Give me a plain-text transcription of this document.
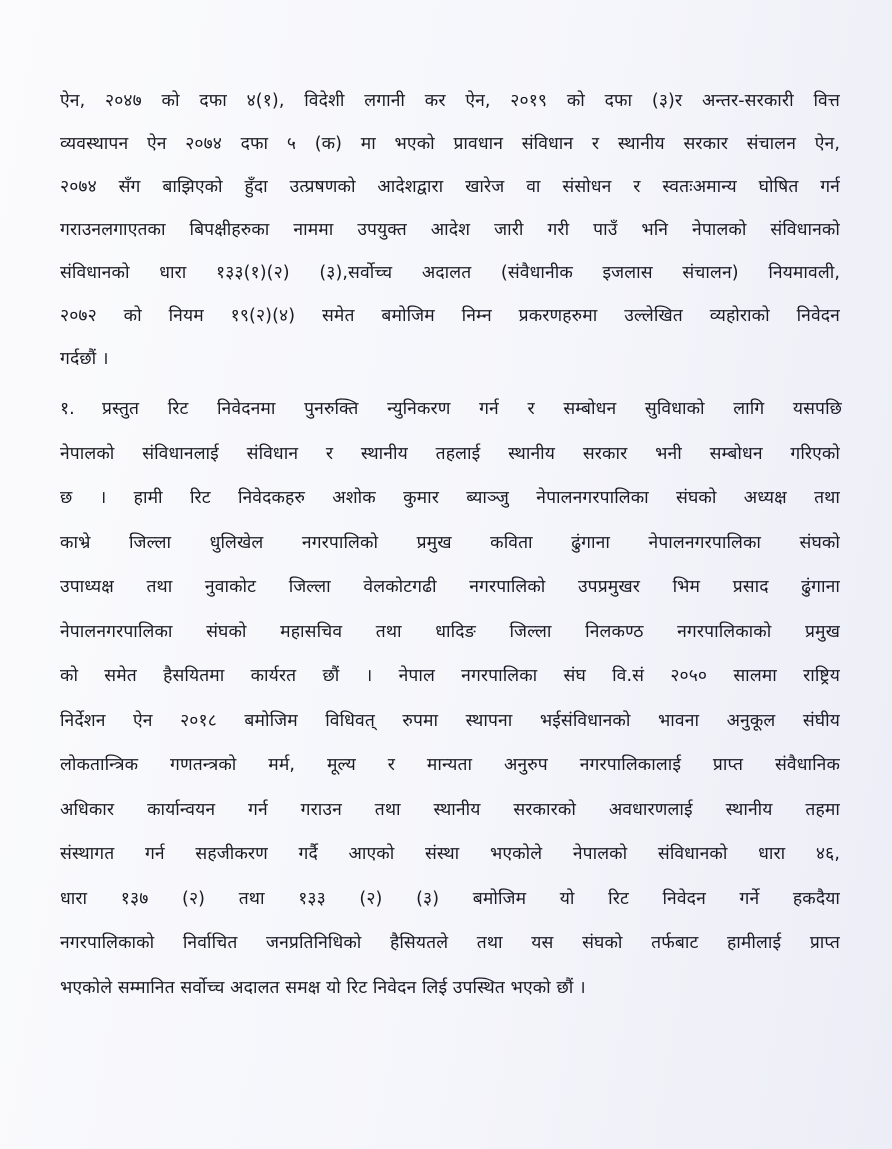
ऐन, २०४७ को दफा ४(१), विदेशी लगानी कर ऐन, २०१९ को दफा (३)र अन्तर-सरकारी वित्त
व्यवस्थापन ऐन २०७४ दफा ५ (क) मा भएको प्रावधान संविधान र स्थानीय सरकार संचालन ऐन,
२०७४ सँग बाझिएको हुँदा उत्प्रषणको आदेशद्वारा खारेज वा संसोधन र स्वतःअमान्य घोषित गर्न
गराउनलगाएतका बिपक्षीहरुका नाममा उपयुक्त आदेश जारी गरी पाउँ भनि नेपालको संविधानको
संविधानको धारा १३३(१)(२) (३),सर्वोच्च अदालत (संवैधानीक इजलास संचालन) नियमावली,
२०७२ को नियम १९(२)(४) समेत बमोजिम निम्न प्रकरणहरुमा उल्लेखित व्यहोराको निवेदन
गर्दछौं ।
१. प्रस्तुत रिट निवेदनमा पुनरुक्ति न्युनिकरण गर्न र सम्बोधन सुविधाको लागि यसपछि
नेपालको संविधानलाई संविधान र स्थानीय तहलाई स्थानीय सरकार भनी सम्बोधन गरिएको
छ । हामी रिट निवेदकहरु अशोक कुमार ब्याञ्जु नेपालनगरपालिका संघको अध्यक्ष तथा
काभ्रे जिल्ला धुलिखेल नगरपालिको प्रमुख कविता ढुंगाना नेपालनगरपालिका संघको
उपाध्यक्ष तथा नुवाकोट जिल्ला वेलकोटगढी नगरपालिको उपप्रमुखर भिम प्रसाद ढुंगाना
नेपालनगरपालिका संघको महासचिव तथा धादिङ जिल्ला निलकण्ठ नगरपालिकाको प्रमुख
को समेत हैसयितमा कार्यरत छौं । नेपाल नगरपालिका संघ वि.सं २०५० सालमा राष्ट्रिय
निर्देशन ऐन २०१८ बमोजिम विधिवत् रुपमा स्थापना भईसंविधानको भावना अनुकूल संघीय
लोकतान्त्रिक गणतन्त्रको मर्म, मूल्य र मान्यता अनुरुप नगरपालिकालाई प्राप्त संवैधानिक
अधिकार कार्यान्वयन गर्न गराउन तथा स्थानीय सरकारको अवधारणलाई स्थानीय तहमा
संस्थागत गर्न सहजीकरण गर्दै आएको संस्था भएकोले नेपालको संविधानको धारा ४६,
धारा १३७ (२) तथा १३३ (२) (३) बमोजिम यो रिट निवेदन गर्ने हकदैया
नगरपालिकाको निर्वाचित जनप्रतिनिधिको हैसियतले तथा यस संघको तर्फबाट हामीलाई प्राप्त
भएकोले सम्मानित सर्वोच्च अदालत समक्ष यो रिट निवेदन लिई उपस्थित भएको छौं ।
